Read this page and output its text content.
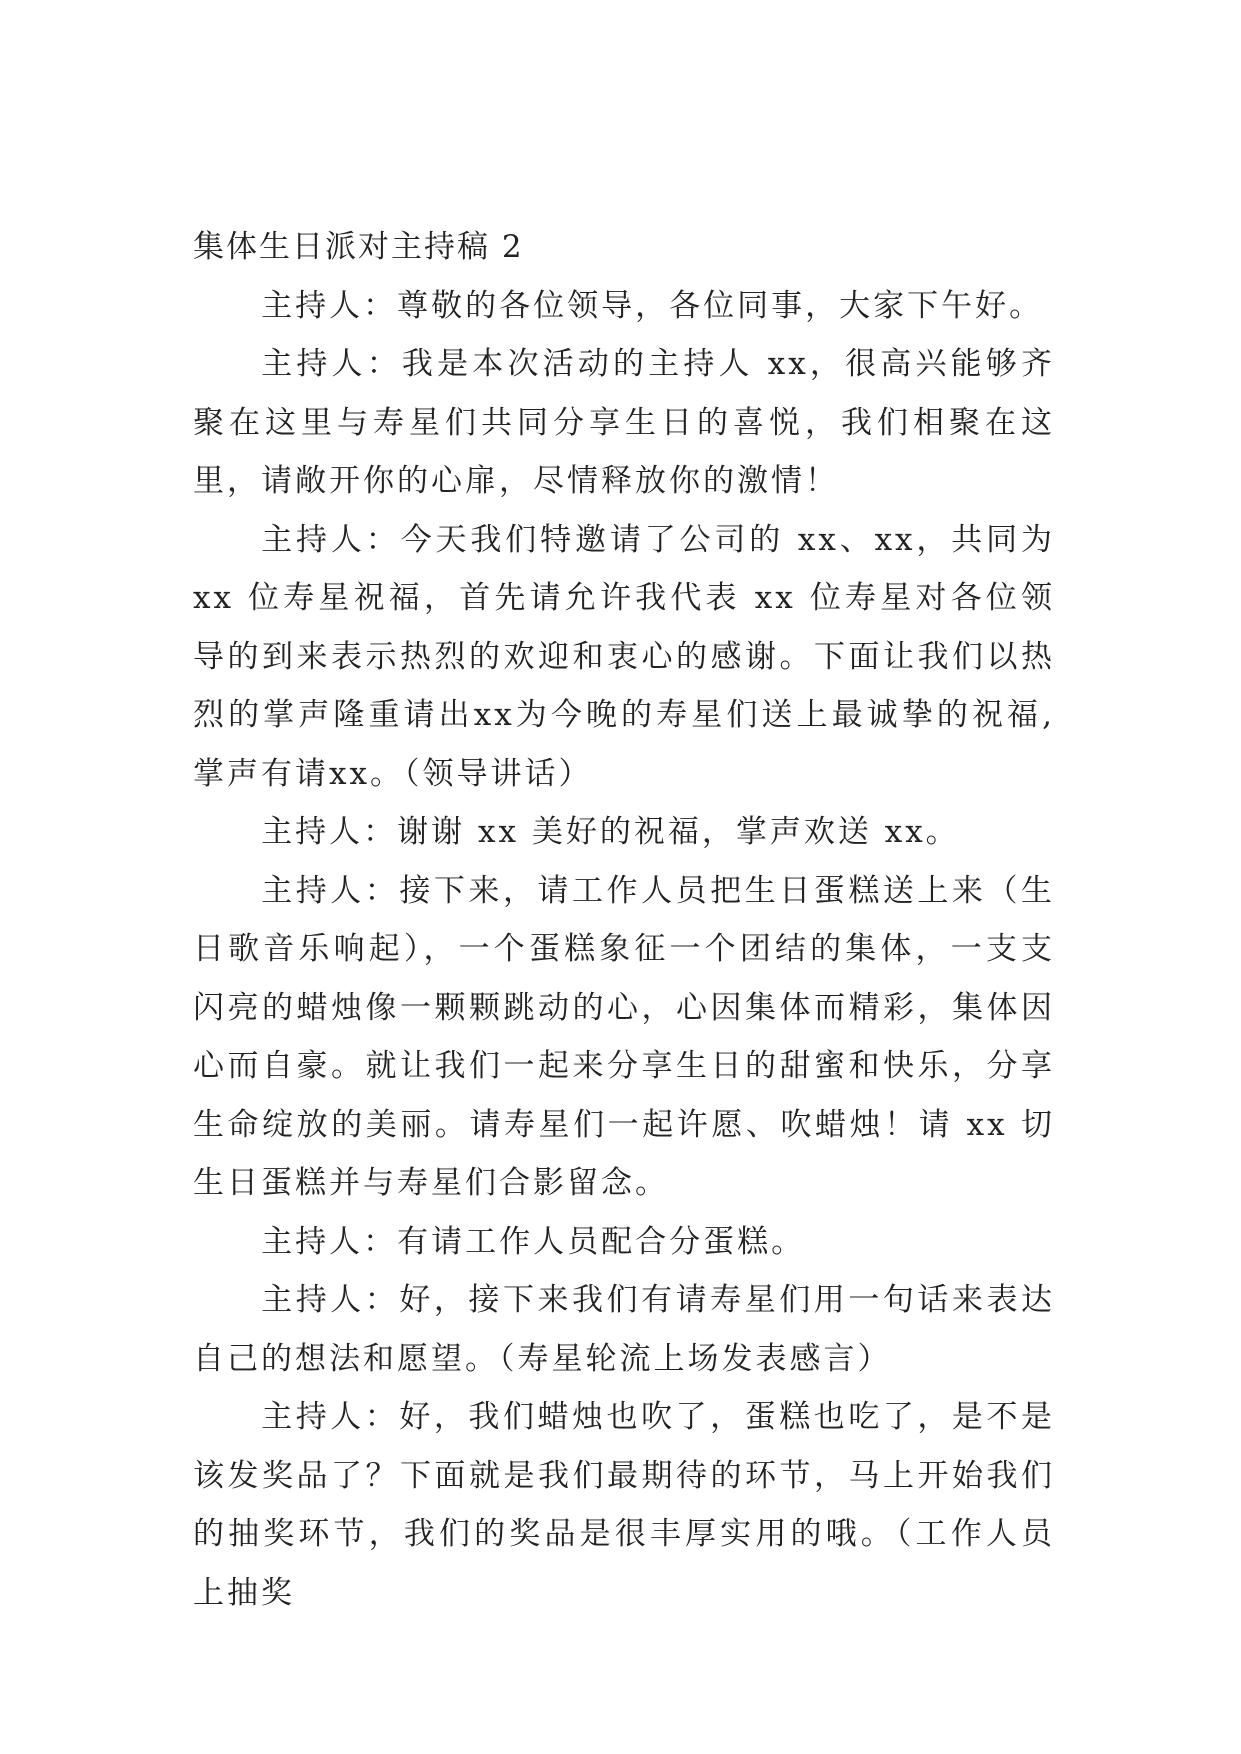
集体生日派对主持稿 2

主持人：尊敬的各位领导，各位同事，大家下午好。

主持人：我是本次活动的主持人 xx，很高兴能够齐聚在这里与寿星们共同分享生日的喜悦，我们相聚在这里，请敞开你的心扉，尽情释放你的激情！

主持人：今天我们特邀请了公司的 xx、xx，共同为 xx 位寿星祝福，首先请允许我代表 xx 位寿星对各位领导的到来表示热烈的欢迎和衷心的感谢。下面让我们以热烈的掌声隆重请出xx为今晚的寿星们送上最诚挚的祝福,掌声有请xx。（领导讲话）

主持人：谢谢 xx 美好的祝福，掌声欢送 xx。

主持人：接下来，请工作人员把生日蛋糕送上来（生日歌音乐响起），一个蛋糕象征一个团结的集体，一支支闪亮的蜡烛像一颗颗跳动的心，心因集体而精彩，集体因心而自豪。就让我们一起来分享生日的甜蜜和快乐，分享生命绽放的美丽。请寿星们一起许愿、吹蜡烛！请 xx 切生日蛋糕并与寿星们合影留念。

主持人：有请工作人员配合分蛋糕。

主持人：好，接下来我们有请寿星们用一句话来表达自己的想法和愿望。（寿星轮流上场发表感言）

主持人：好，我们蜡烛也吹了，蛋糕也吃了，是不是该发奖品了？下面就是我们最期待的环节，马上开始我们的抽奖环节，我们的奖品是很丰厚实用的哦。（工作人员上抽奖
